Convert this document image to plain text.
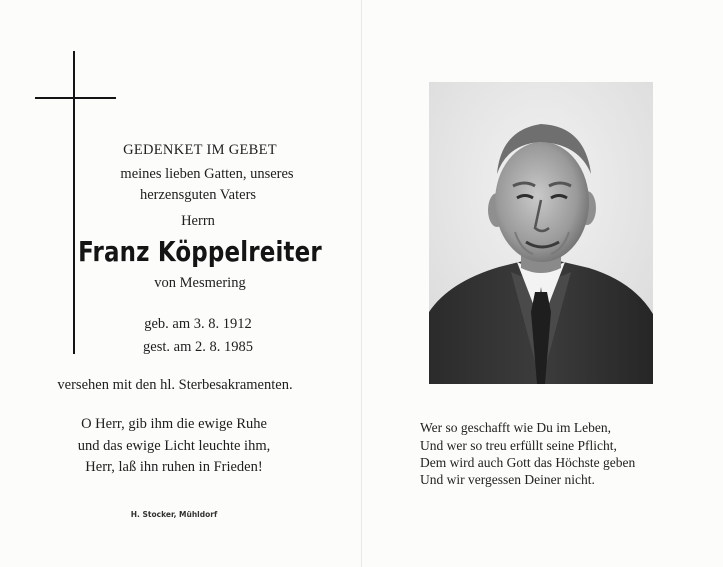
GEDENKET IM GEBET
meines lieben Gatten, unseres
herzensguten Vaters
Herrn
Franz Köppelreiter
von Mesmering
geb. am 3. 8. 1912
gest. am 2. 8. 1985
versehen mit den hl. Sterbesakramenten.
O Herr, gib ihm die ewige Ruhe
und das ewige Licht leuchte ihm,
Herr, laß ihn ruhen in Frieden!
H. Stocker, Mühldorf
Wer so geschafft wie Du im Leben,
Und wer so treu erfüllt seine Pflicht,
Dem wird auch Gott das Höchste geben
Und wir vergessen Deiner nicht.
